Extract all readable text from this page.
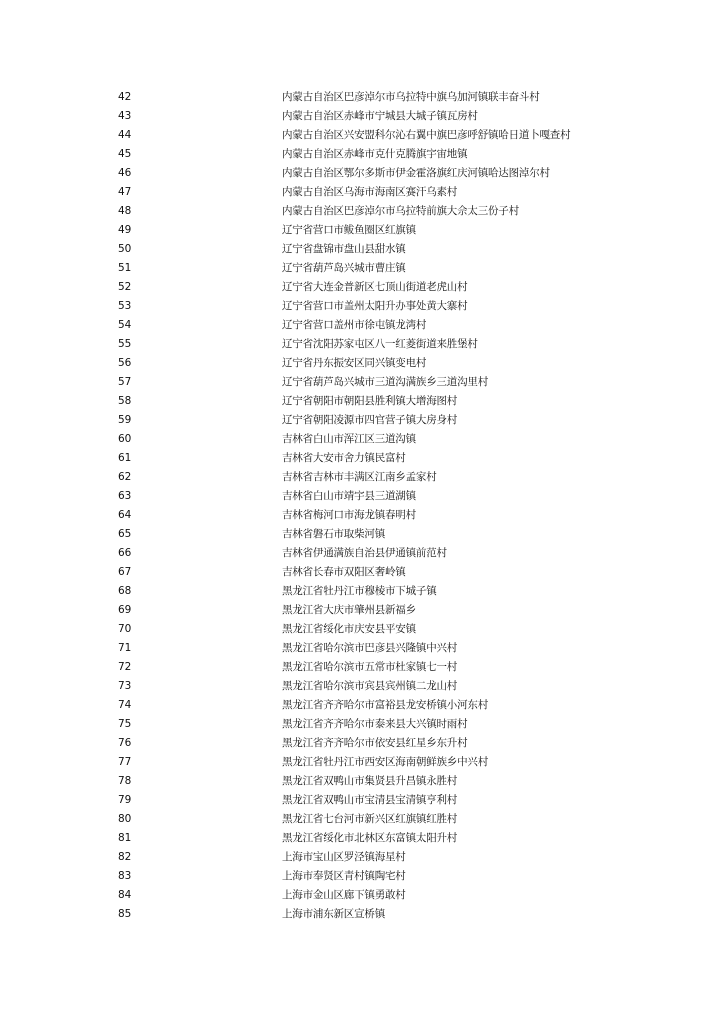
42	内蒙古自治区巴彦淖尔市乌拉特中旗乌加河镇联丰奋斗村
43	内蒙古自治区赤峰市宁城县大城子镇瓦房村
44	内蒙古自治区兴安盟科尔沁右翼中旗巴彦呼舒镇哈日道卜嘎查村
45	内蒙古自治区赤峰市克什克腾旗宇宙地镇
46	内蒙古自治区鄂尔多斯市伊金霍洛旗红庆河镇哈达图淖尔村
47	内蒙古自治区乌海市海南区赛汗乌素村
48	内蒙古自治区巴彦淖尔市乌拉特前旗大佘太三份子村
49	辽宁省营口市鲅鱼圈区红旗镇
50	辽宁省盘锦市盘山县甜水镇
51	辽宁省葫芦岛兴城市曹庄镇
52	辽宁省大连金普新区七顶山街道老虎山村
53	辽宁省营口市盖州太阳升办事处黄大寨村
54	辽宁省营口盖州市徐屯镇龙湾村
55	辽宁省沈阳苏家屯区八一红菱街道来胜堡村
56	辽宁省丹东振安区同兴镇变电村
57	辽宁省葫芦岛兴城市三道沟满族乡三道沟里村
58	辽宁省朝阳市朝阳县胜利镇大增海图村
59	辽宁省朝阳凌源市四官营子镇大房身村
60	吉林省白山市浑江区三道沟镇
61	吉林省大安市舍力镇民富村
62	吉林省吉林市丰满区江南乡孟家村
63	吉林省白山市靖宇县三道湖镇
64	吉林省梅河口市海龙镇春明村
65	吉林省磐石市取柴河镇
66	吉林省伊通满族自治县伊通镇前范村
67	吉林省长春市双阳区奢岭镇
68	黑龙江省牡丹江市穆棱市下城子镇
69	黑龙江省大庆市肇州县新福乡
70	黑龙江省绥化市庆安县平安镇
71	黑龙江省哈尔滨市巴彦县兴隆镇中兴村
72	黑龙江省哈尔滨市五常市杜家镇七一村
73	黑龙江省哈尔滨市宾县宾州镇二龙山村
74	黑龙江省齐齐哈尔市富裕县龙安桥镇小河东村
75	黑龙江省齐齐哈尔市泰来县大兴镇时雨村
76	黑龙江省齐齐哈尔市依安县红星乡东升村
77	黑龙江省牡丹江市西安区海南朝鲜族乡中兴村
78	黑龙江省双鸭山市集贤县升昌镇永胜村
79	黑龙江省双鸭山市宝清县宝清镇亨利村
80	黑龙江省七台河市新兴区红旗镇红胜村
81	黑龙江省绥化市北林区东富镇太阳升村
82	上海市宝山区罗泾镇海星村
83	上海市奉贤区青村镇陶宅村
84	上海市金山区廊下镇勇敢村
85	上海市浦东新区宣桥镇
